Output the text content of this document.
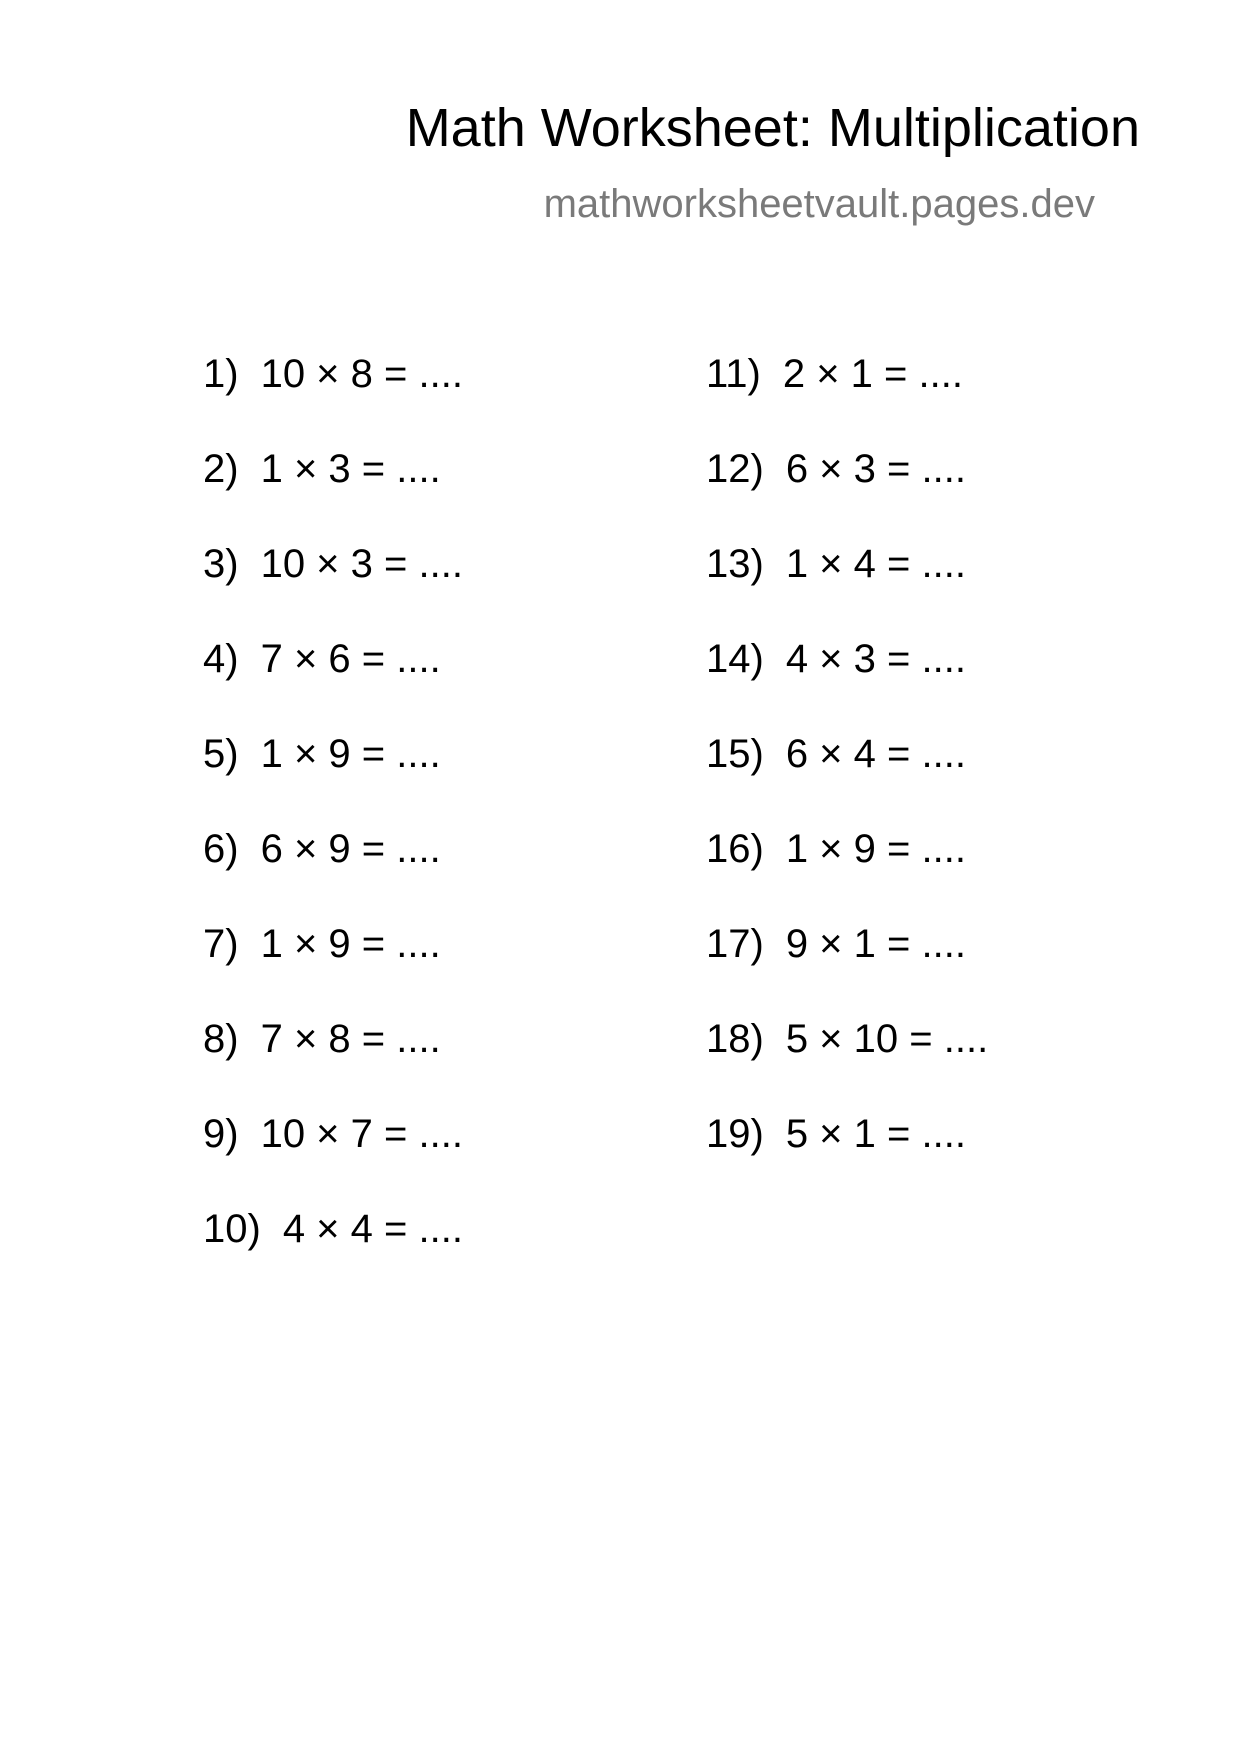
Math Worksheet: Multiplication
mathworksheetvault.pages.dev
1) 10 × 8 = ....
2) 1 × 3 = ....
3) 10 × 3 = ....
4) 7 × 6 = ....
5) 1 × 9 = ....
6) 6 × 9 = ....
7) 1 × 9 = ....
8) 7 × 8 = ....
9) 10 × 7 = ....
10) 4 × 4 = ....
11) 2 × 1 = ....
12) 6 × 3 = ....
13) 1 × 4 = ....
14) 4 × 3 = ....
15) 6 × 4 = ....
16) 1 × 9 = ....
17) 9 × 1 = ....
18) 5 × 10 = ....
19) 5 × 1 = ....
